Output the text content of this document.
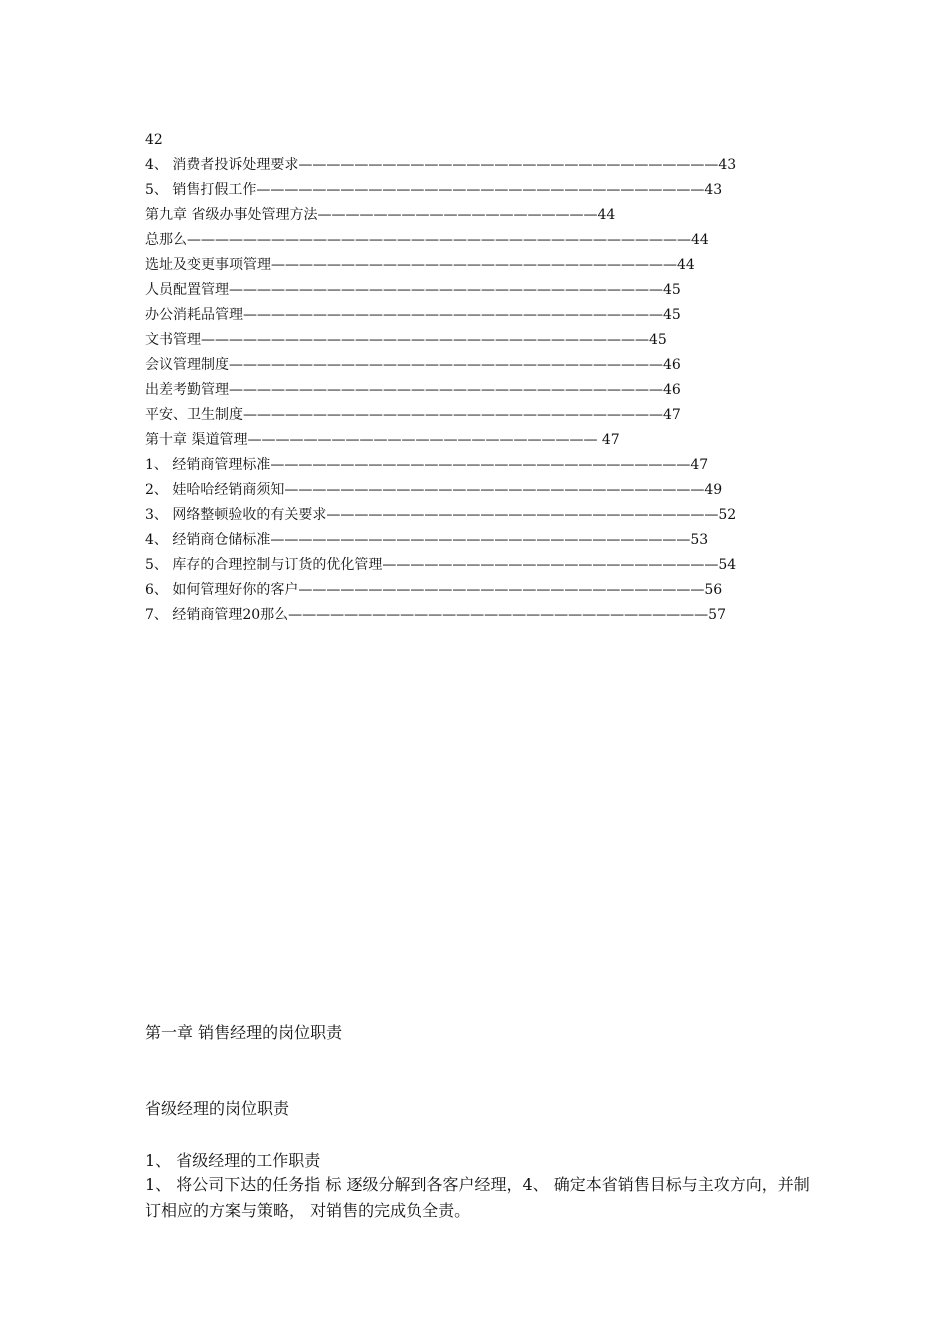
42
4、 消费者投诉处理要求——————————————————————————————43
5、 销售打假工作————————————————————————————————43
第九章 省级办事处管理方法————————————————————44
总那么————————————————————————————————————44
选址及变更事项管理—————————————————————————————44
人员配置管理———————————————————————————————45
办公消耗品管理——————————————————————————————45
文书管理————————————————————————————————45
会议管理制度———————————————————————————————46
出差考勤管理———————————————————————————————46
平安、卫生制度——————————————————————————————47
第十章 渠道管理————————————————————————— 47
1、 经销商管理标准——————————————————————————————47
2、 娃哈哈经销商须知——————————————————————————————49
3、 网络整顿验收的有关要求————————————————————————————52
4、 经销商仓储标准——————————————————————————————53
5、 库存的合理控制与订货的优化管理————————————————————————54
6、 如何管理好你的客户—————————————————————————————56
7、 经销商管理20那么——————————————————————————————57
第一章 销售经理的岗位职责
省级经理的岗位职责
1、 省级经理的工作职责
1、 将公司下达的任务指 标 逐级分解到各客户经理，4、 确定本省销售目标与主攻方向，并制订相应的方案与策略， 对销售的完成负全责。
